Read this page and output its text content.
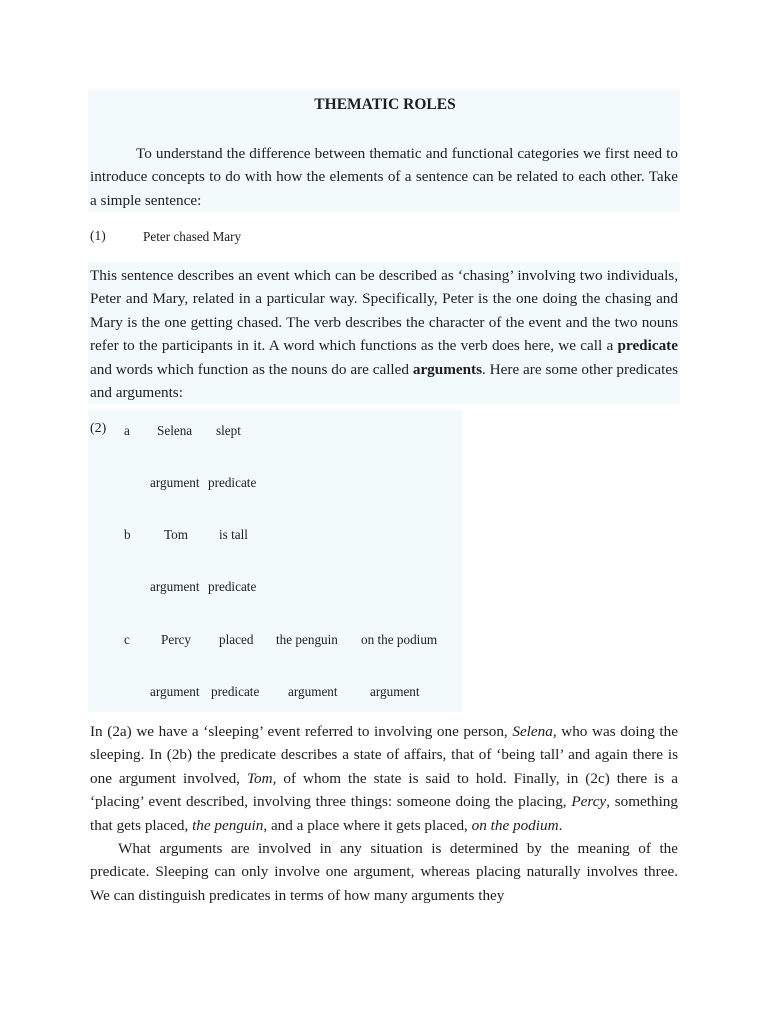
THEMATIC ROLES

To understand the difference between thematic and functional categories we first need to introduce concepts to do with how the elements of a sentence can be related to each other. Take a simple sentence:

(1)	Peter chased Mary

This sentence describes an event which can be described as ‘chasing’ involving two individuals, Peter and Mary, related in a particular way. Specifically, Peter is the one doing the chasing and Mary is the one getting chased. The verb describes the character of the event and the two nouns refer to the participants in it. A word which functions as the verb does here, we call a predicate and words which function as the nouns do are called arguments. Here are some other predicates and arguments:

(2) a Selena slept
argument predicate
b	Tom is tall
argument predicate
c Percy placed the penguin on the podium
argument predicate argument argument

In (2a) we have a ‘sleeping’ event referred to involving one person, Selena, who was doing the sleeping. In (2b) the predicate describes a state of affairs, that of ‘being tall’ and again there is one argument involved, Tom, of whom the state is said to hold. Finally, in (2c) there is a ‘placing’ event described, involving three things: someone doing the placing, Percy, something that gets placed, the penguin, and a place where it gets placed, on the podium.

What arguments are involved in any situation is determined by the meaning of the predicate. Sleeping can only involve one argument, whereas placing naturally involves three. We can distinguish predicates in terms of how many arguments they
